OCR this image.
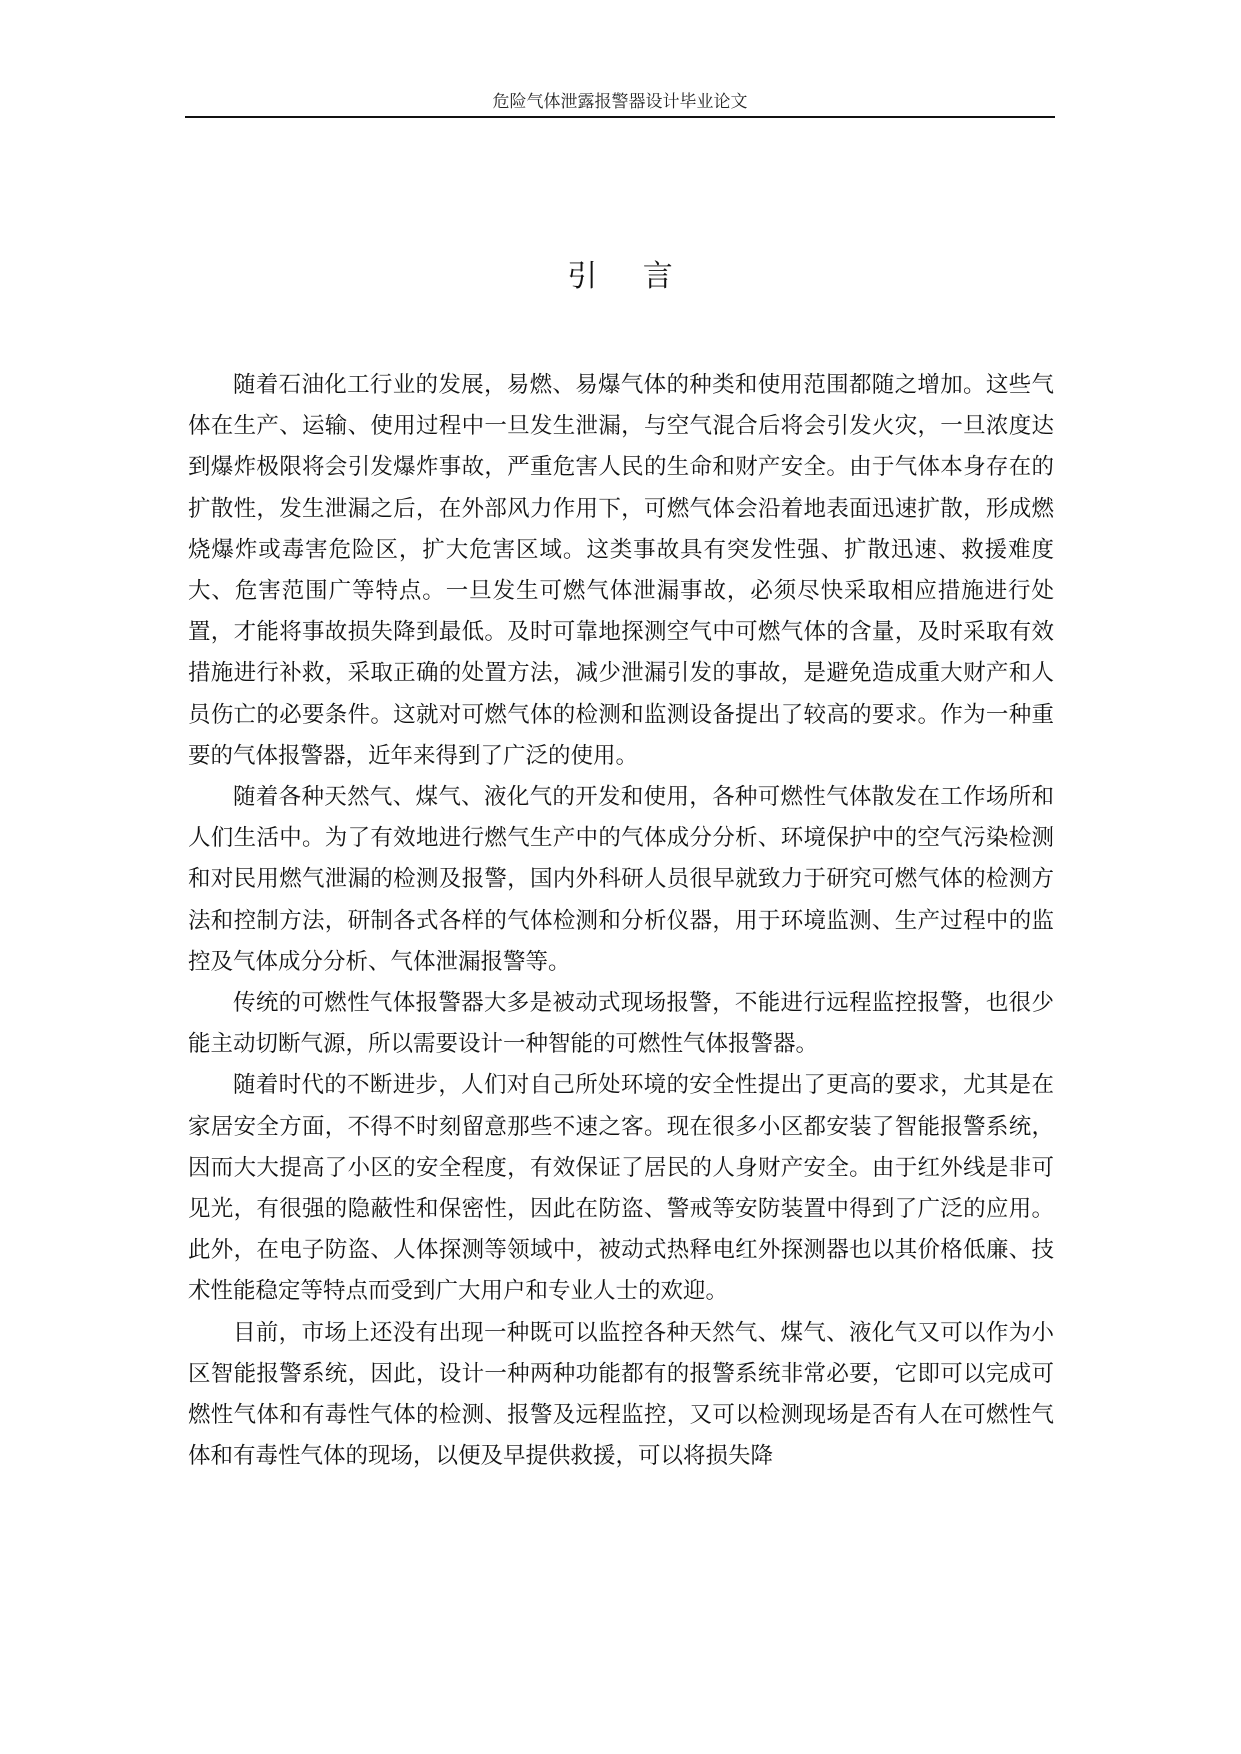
危险气体泄露报警器设计毕业论文
引 言

随着石油化工行业的发展，易燃、易爆气体的种类和使用范围都随之增加。这些气体在生产、运输、使用过程中一旦发生泄漏，与空气混合后将会引发火灾，一旦浓度达到爆炸极限将会引发爆炸事故，严重危害人民的生命和财产安全。由于气体本身存在的扩散性，发生泄漏之后，在外部风力作用下，可燃气体会沿着地表面迅速扩散，形成燃烧爆炸或毒害危险区，扩大危害区域。这类事故具有突发性强、扩散迅速、救援难度大、危害范围广等特点。一旦发生可燃气体泄漏事故，必须尽快采取相应措施进行处置，才能将事故损失降到最低。及时可靠地探测空气中可燃气体的含量，及时采取有效措施进行补救，采取正确的处置方法，减少泄漏引发的事故，是避免造成重大财产和人员伤亡的必要条件。这就对可燃气体的检测和监测设备提出了较高的要求。作为一种重要的气体报警器，近年来得到了广泛的使用。

随着各种天然气、煤气、液化气的开发和使用，各种可燃性气体散发在工作场所和人们生活中。为了有效地进行燃气生产中的气体成分分析、环境保护中的空气污染检测和对民用燃气泄漏的检测及报警，国内外科研人员很早就致力于研究可燃气体的检测方法和控制方法，研制各式各样的气体检测和分析仪器，用于环境监测、生产过程中的监控及气体成分分析、气体泄漏报警等。

传统的可燃性气体报警器大多是被动式现场报警，不能进行远程监控报警，也很少能主动切断气源，所以需要设计一种智能的可燃性气体报警器。

随着时代的不断进步，人们对自己所处环境的安全性提出了更高的要求，尤其是在家居安全方面，不得不时刻留意那些不速之客。现在很多小区都安装了智能报警系统，因而大大提高了小区的安全程度，有效保证了居民的人身财产安全。由于红外线是非可见光，有很强的隐蔽性和保密性，因此在防盗、警戒等安防装置中得到了广泛的应用。此外，在电子防盗、人体探测等领域中，被动式热释电红外探测器也以其价格低廉、技术性能稳定等特点而受到广大用户和专业人士的欢迎。

目前，市场上还没有出现一种既可以监控各种天然气、煤气、液化气又可以作为小区智能报警系统，因此，设计一种两种功能都有的报警系统非常必要，它即可以完成可燃性气体和有毒性气体的检测、报警及远程监控，又可以检测现场是否有人在可燃性气体和有毒性气体的现场，以便及早提供救援，可以将损失降
